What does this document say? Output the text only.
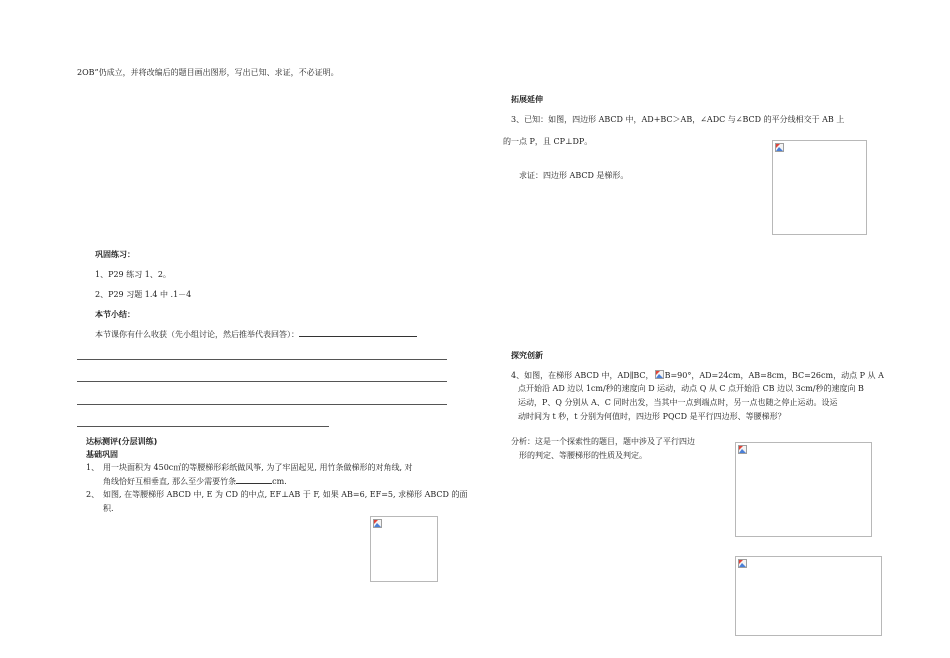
2OB”仍成立，并将改编后的题目画出图形，写出已知、求证，不必证明。
巩固练习：
1、P29 练习 1、2。
2、P29 习题 1.4 中 .1－4
本节小结：
本节课你有什么收获（先小组讨论，然后推举代表回答）：
达标测评(分层训练)
基础巩固
1、 用一块面积为 450c㎡的等腰梯形彩纸做风筝, 为了牢固起见, 用竹条做梯形的对角线, 对
角线恰好互相垂直, 那么至少需要竹条	cm.
2、 如图, 在等腰梯形 ABCD 中, E 为 CD 的中点, EF⊥AB 于 F, 如果 AB=6, EF=5, 求梯形 ABCD 的面
积.
拓展延伸
3、已知：如图，四边形 ABCD 中，AD+BC＞AB，∠ADC 与∠BCD 的平分线相交于 AB 上
的一点 P，且 CP⊥DP。
求证：四边形 ABCD 是梯形。
探究创新
4、如图，在梯形 ABCD 中，AD∥BC， B=90°，AD=24cm，AB=8cm，BC=26cm，动点 P 从 A
点开始沿 AD 边以 1cm/秒的速度向 D 运动，动点 Q 从 C 点开始沿 CB 边以 3cm/秒的速度向 B
运动，P、Q 分别从 A、C 同时出发，当其中一点到端点时，另一点也随之停止运动。设运
动时间为 t 秒，t 分别为何值时，四边形 PQCD 是平行四边形、等腰梯形？
分析：这是一个探索性的题目，题中涉及了平行四边
形的判定、等腰梯形的性质及判定。
